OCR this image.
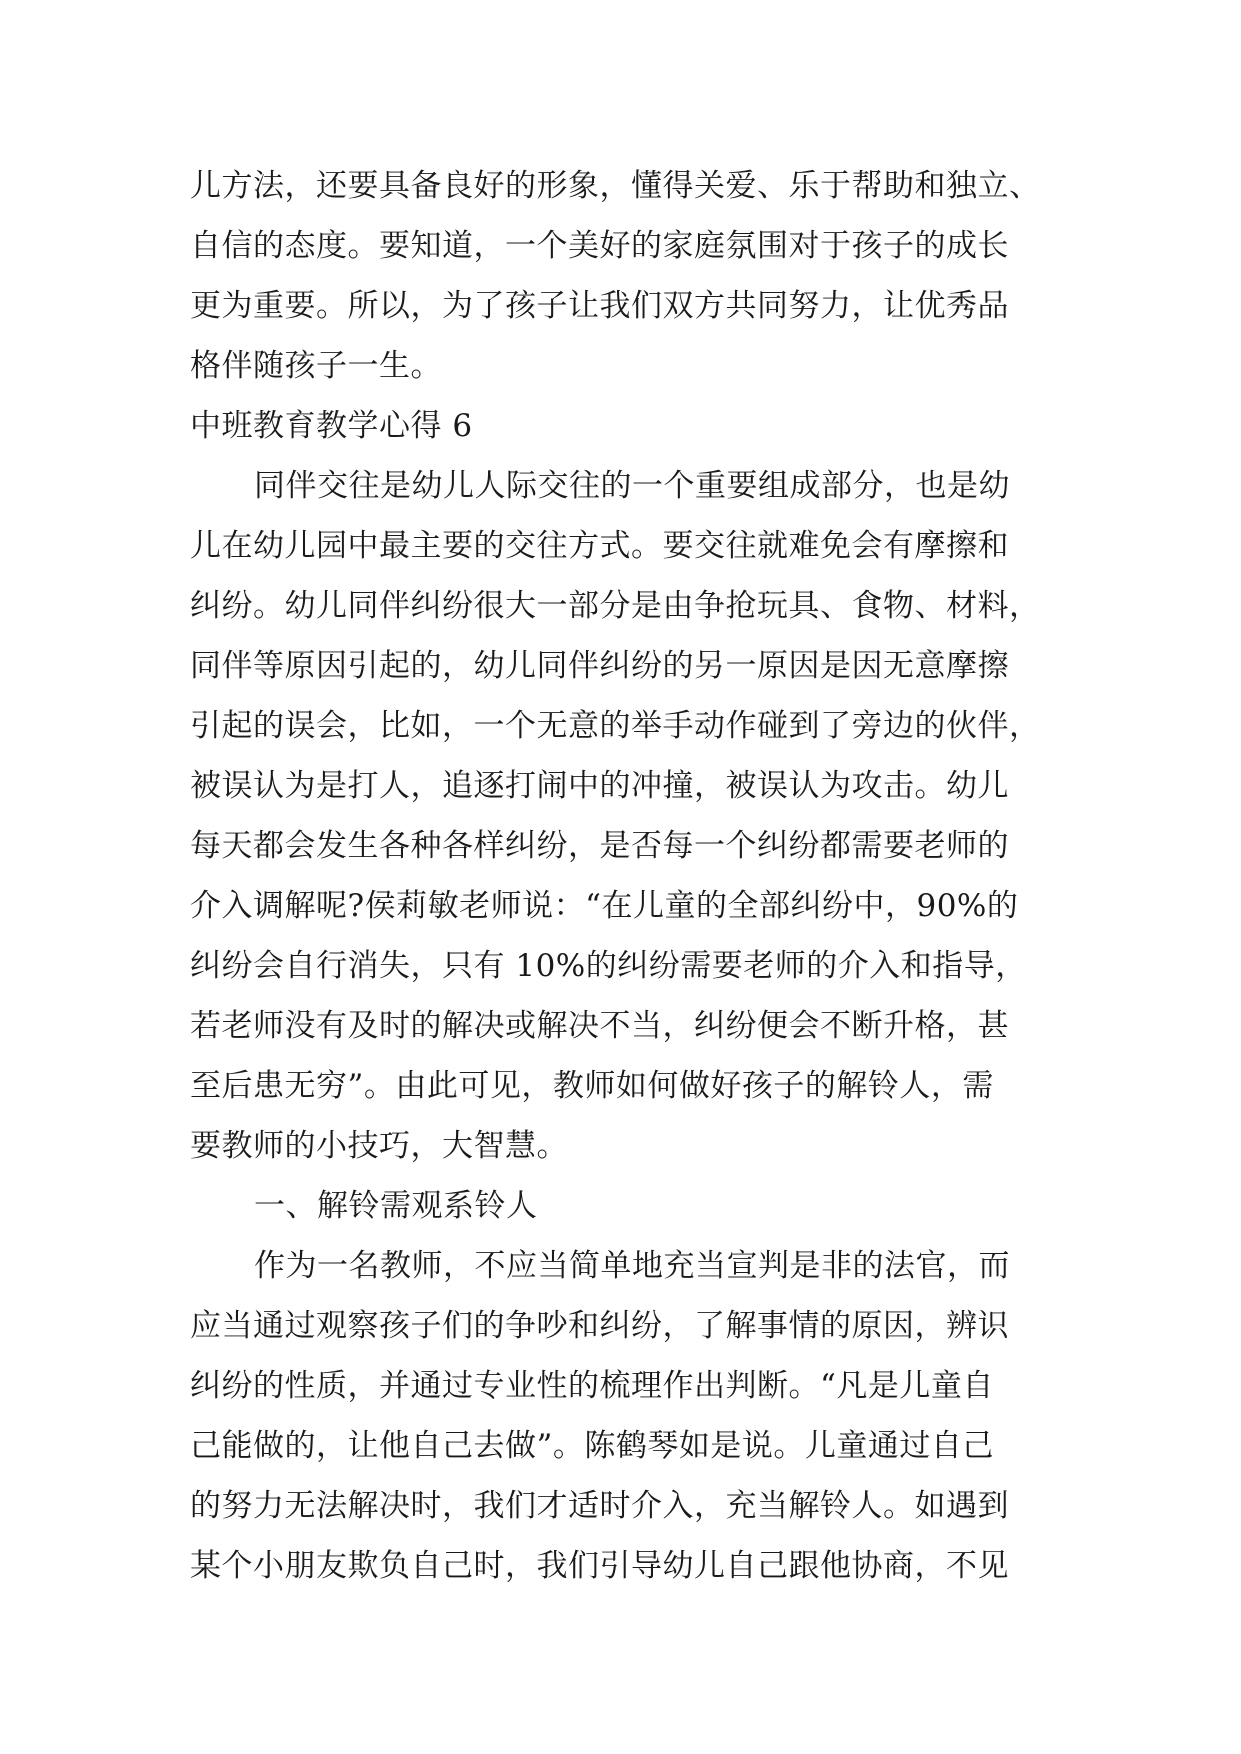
儿方法，还要具备良好的形象，懂得关爱、乐于帮助和独立、
自信的态度。要知道，一个美好的家庭氛围对于孩子的成长
更为重要。所以，为了孩子让我们双方共同努力，让优秀品
格伴随孩子一生。
中班教育教学心得 6
同伴交往是幼儿人际交往的一个重要组成部分，也是幼
儿在幼儿园中最主要的交往方式。要交往就难免会有摩擦和
纠纷。幼儿同伴纠纷很大一部分是由争抢玩具、食物、材料，
同伴等原因引起的，幼儿同伴纠纷的另一原因是因无意摩擦
引起的误会，比如，一个无意的举手动作碰到了旁边的伙伴，
被误认为是打人，追逐打闹中的冲撞，被误认为攻击。幼儿
每天都会发生各种各样纠纷，是否每一个纠纷都需要老师的
介入调解呢?侯莉敏老师说：“在儿童的全部纠纷中，90%的
纠纷会自行消失，只有 10%的纠纷需要老师的介入和指导，
若老师没有及时的解决或解决不当，纠纷便会不断升格，甚
至后患无穷”。由此可见，教师如何做好孩子的解铃人，需
要教师的小技巧，大智慧。
一、解铃需观系铃人
作为一名教师，不应当简单地充当宣判是非的法官，而
应当通过观察孩子们的争吵和纠纷，了解事情的原因，辨识
纠纷的性质，并通过专业性的梳理作出判断。“凡是儿童自
己能做的，让他自己去做”。陈鹤琴如是说。儿童通过自己
的努力无法解决时，我们才适时介入，充当解铃人。如遇到
某个小朋友欺负自己时，我们引导幼儿自己跟他协商，不见
